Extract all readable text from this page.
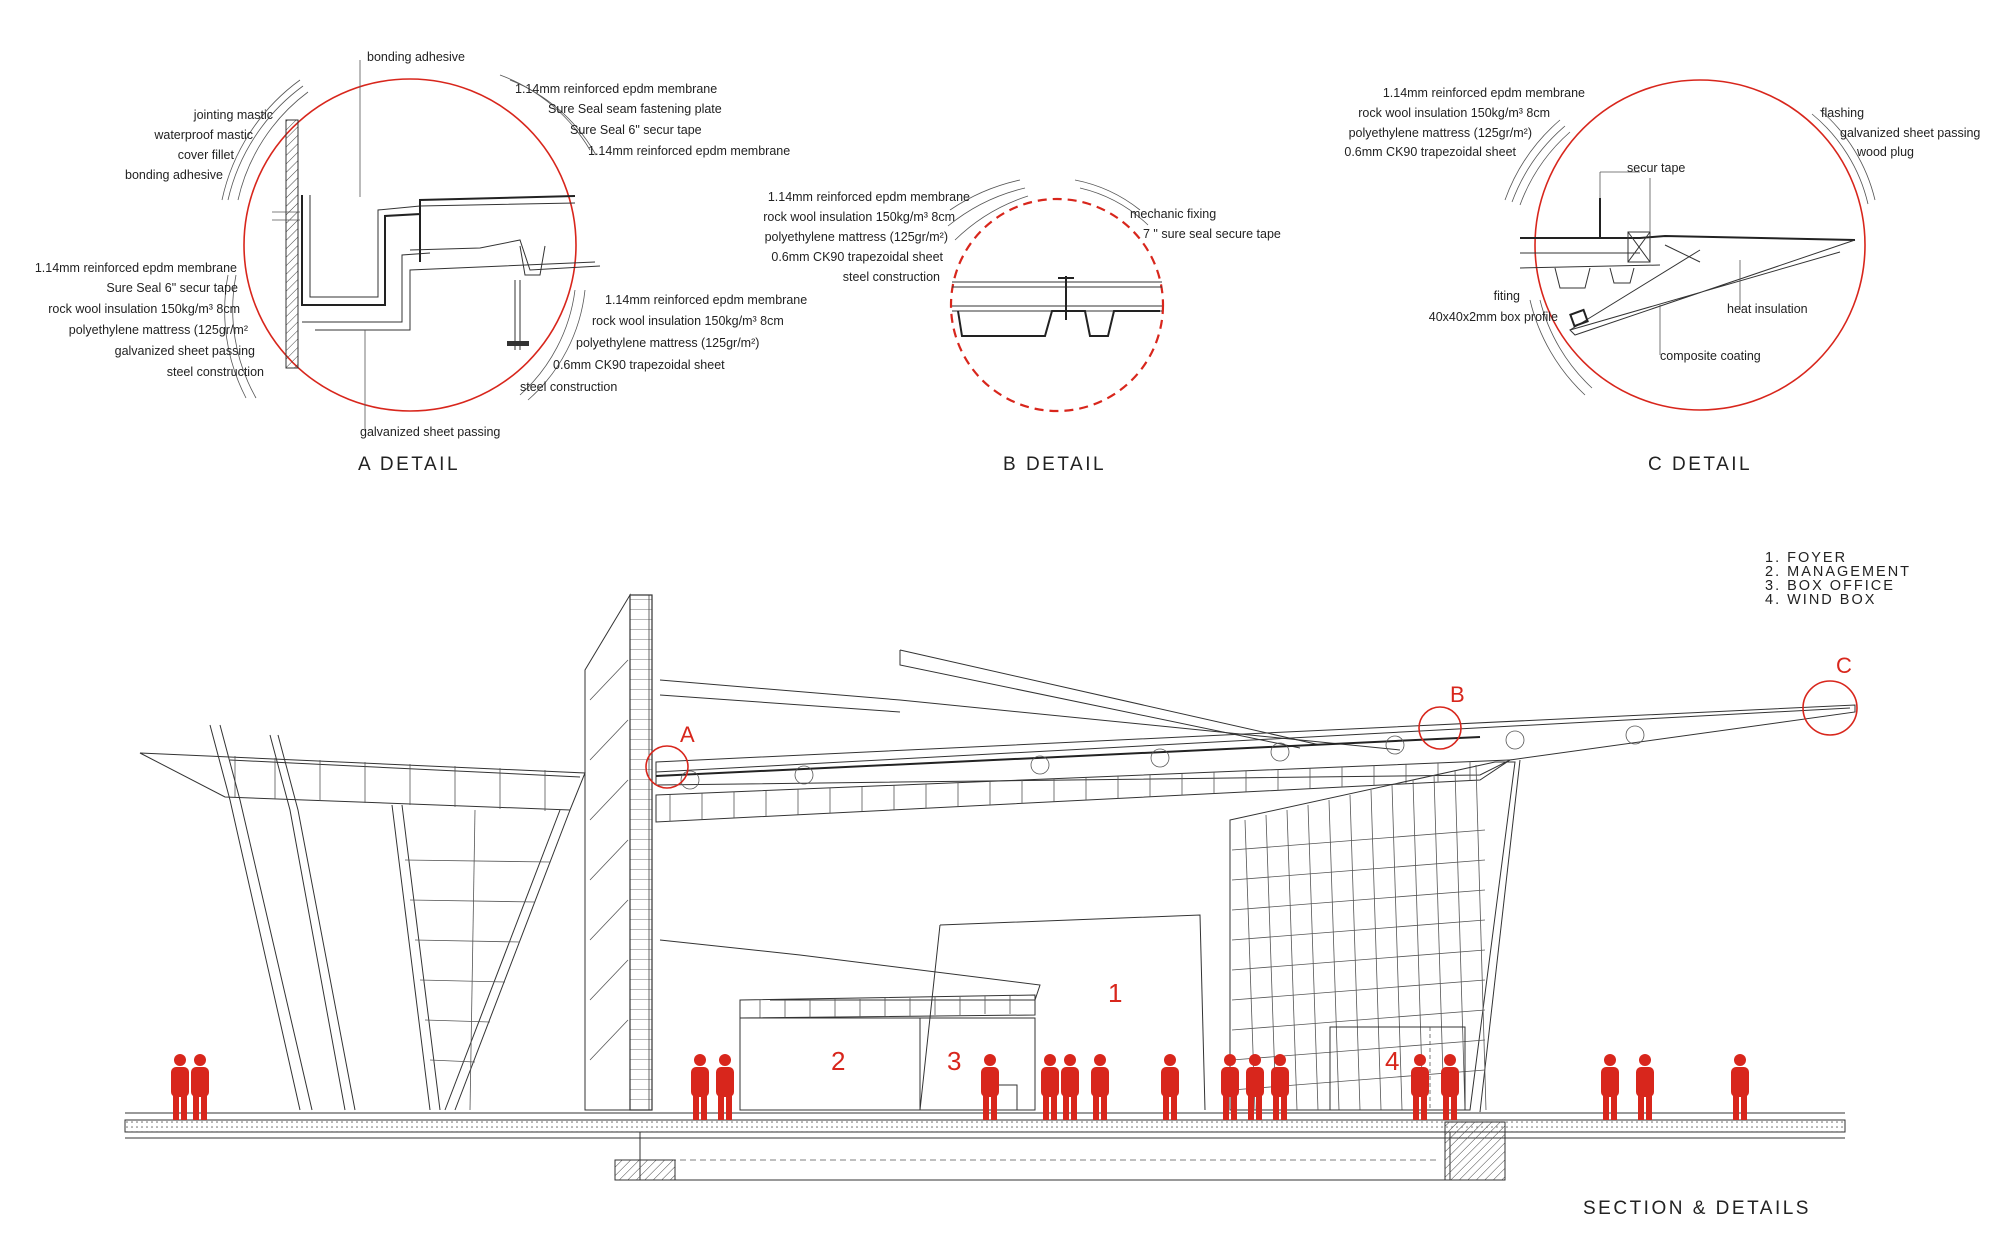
jointing mastic
waterproof mastic
cover fillet
bonding adhesive
1.14mm reinforced epdm membrane
Sure Seal 6" secur tape
rock wool insulation 150kg/m³ 8cm
polyethylene mattress (125gr/m²
galvanized sheet passing
steel construction
bonding adhesive
1.14mm reinforced epdm membrane
Sure Seal seam fastening plate
Sure Seal 6" secur tape
1.14mm reinforced epdm membrane
1.14mm reinforced epdm membrane
rock wool insulation 150kg/m³ 8cm
polyethylene mattress (125gr/m²)
0.6mm CK90 trapezoidal sheet
steel construction
galvanized sheet passing
A DETAIL
1.14mm reinforced epdm membrane
rock wool insulation 150kg/m³ 8cm
polyethylene mattress (125gr/m²)
0.6mm CK90 trapezoidal sheet
steel construction
mechanic fixing
7 " sure seal secure tape
B DETAIL
1.14mm reinforced epdm membrane
rock wool insulation 150kg/m³ 8cm
polyethylene mattress (125gr/m²)
0.6mm CK90 trapezoidal sheet
flashing
galvanized sheet passing
wood plug
secur tape
heat insulation
composite coating
fiting
40x40x2mm box profile
C DETAIL
1. FOYER
2. MANAGEMENT
3. BOX OFFICE
4. WIND BOX
A
B
C
1
2	3	4
SECTION & DETAILS
